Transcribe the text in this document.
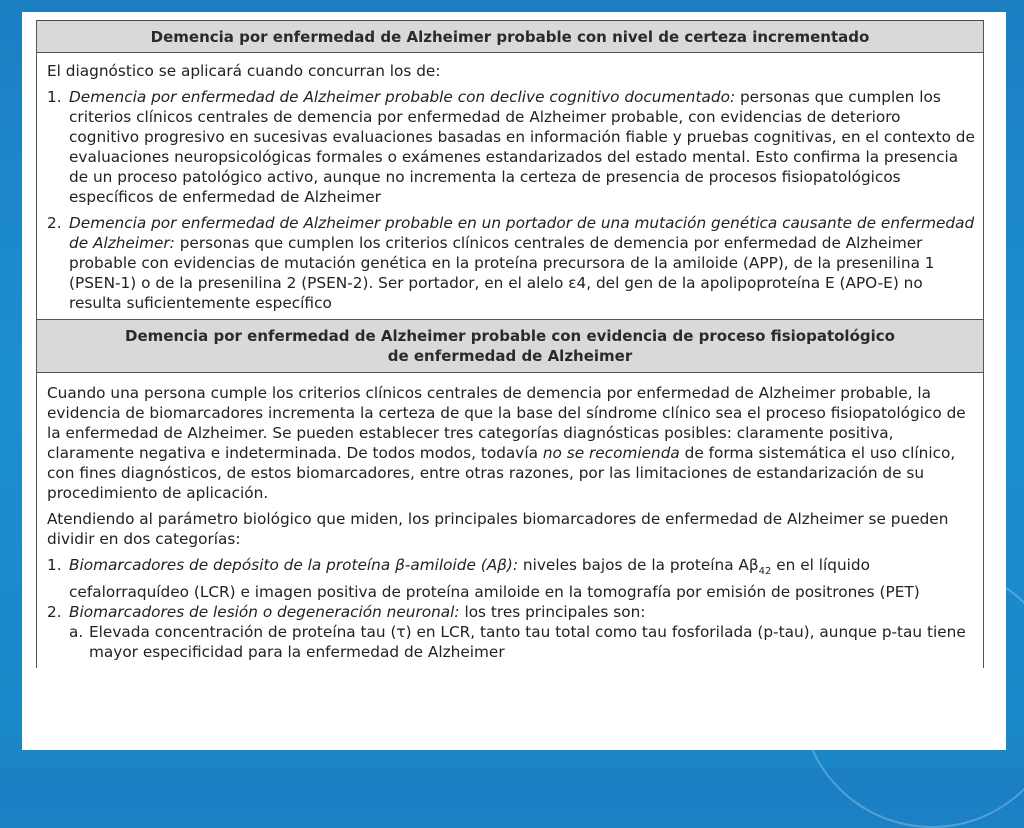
Demencia por enfermedad de Alzheimer probable con nivel de certeza incrementado

El diagnóstico se aplicará cuando concurran los de:

1. Demencia por enfermedad de Alzheimer probable con declive cognitivo documentado: personas que cumplen los criterios clínicos centrales de demencia por enfermedad de Alzheimer probable, con evidencias de deterioro cognitivo progresivo en sucesivas evaluaciones basadas en información fiable y pruebas cognitivas, en el contexto de evaluaciones neuropsicológicas formales o exámenes estandarizados del estado mental. Esto confirma la presencia de un proceso patológico activo, aunque no incrementa la certeza de presencia de procesos fisiopatológicos específicos de enfermedad de Alzheimer
2. Demencia por enfermedad de Alzheimer probable en un portador de una mutación genética causante de enfermedad de Alzheimer: personas que cumplen los criterios clínicos centrales de demencia por enfermedad de Alzheimer probable con evidencias de mutación genética en la proteína precursora de la amiloide (APP), de la presenilina 1 (PSEN-1) o de la presenilina 2 (PSEN-2). Ser portador, en el alelo ε4, del gen de la apolipoproteína E (APO-E) no resulta suficientemente específico
Demencia por enfermedad de Alzheimer probable con evidencia de proceso fisiopatológico
de enfermedad de Alzheimer

Cuando una persona cumple los criterios clínicos centrales de demencia por enfermedad de Alzheimer probable, la evidencia de biomarcadores incrementa la certeza de que la base del síndrome clínico sea el proceso fisiopatológico de la enfermedad de Alzheimer. Se pueden establecer tres categorías diagnósticas posibles: claramente positiva, claramente negativa e indeterminada. De todos modos, todavía no se recomienda de forma sistemática el uso clínico, con fines diagnósticos, de estos biomarcadores, entre otras razones, por las limitaciones de estandarización de su procedimiento de aplicación.

Atendiendo al parámetro biológico que miden, los principales biomarcadores de enfermedad de Alzheimer se pueden dividir en dos categorías:

1. Biomarcadores de depósito de la proteína β-amiloide (Aβ): niveles bajos de la proteína $A\beta_{42}$ en el líquido cefalorraquídeo (LCR) e imagen positiva de proteína amiloide en la tomografía por emisión de positrones (PET)
2. Biomarcadores de lesión o degeneración neuronal: los tres principales son:
a. Elevada concentración de proteína tau (τ) en LCR, tanto tau total como tau fosforilada (p-tau), aunque p-tau tiene mayor especificidad para la enfermedad de Alzheimer
